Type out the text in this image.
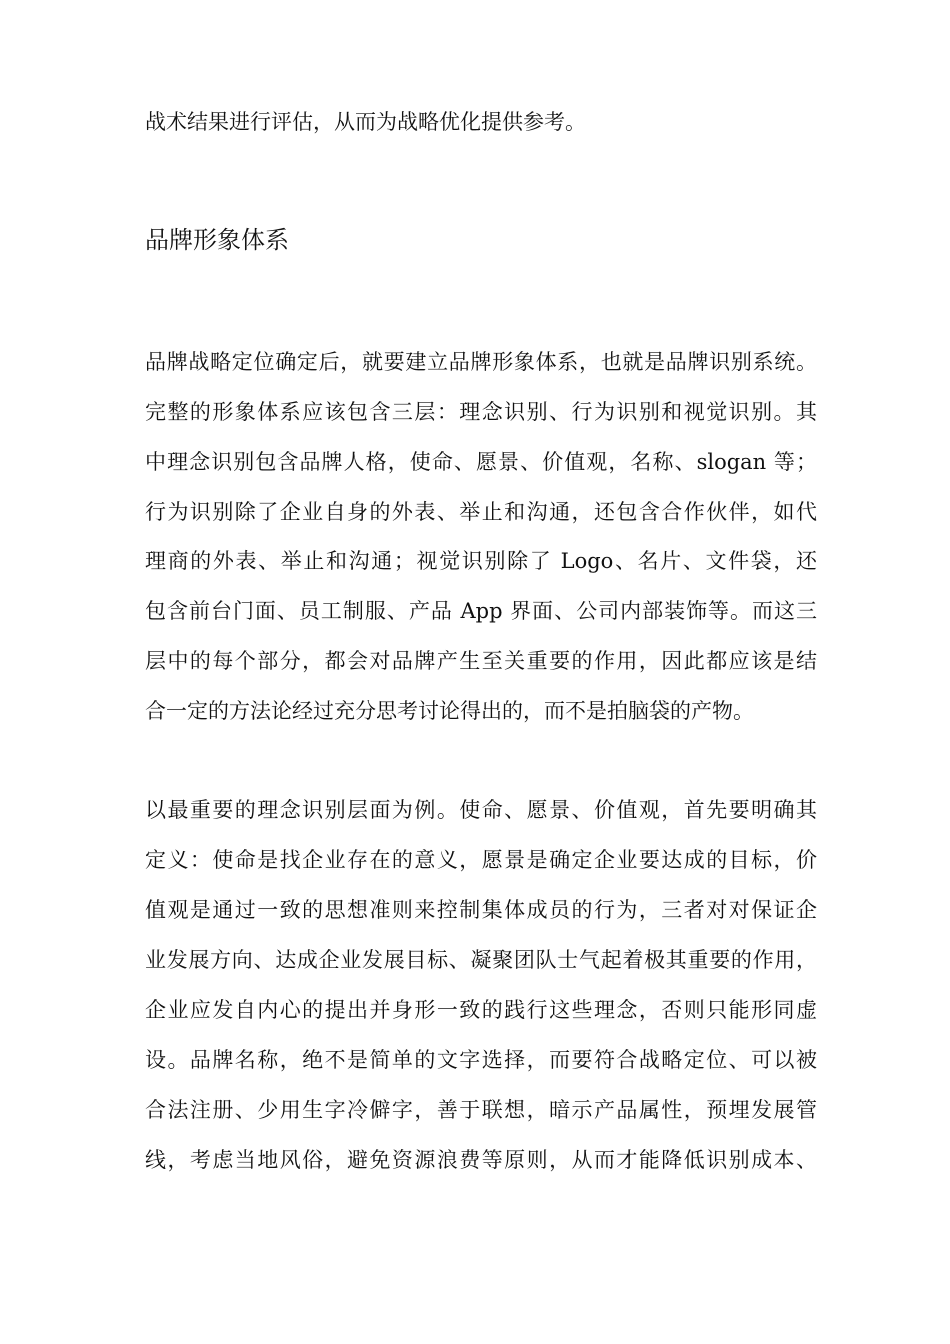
战术结果进行评估，从而为战略优化提供参考。
品牌形象体系
品牌战略定位确定后，就要建立品牌形象体系，也就是品牌识别系统。
完整的形象体系应该包含三层：理念识别、行为识别和视觉识别。其
中理念识别包含品牌人格，使命、愿景、价值观，名称、slogan 等；
行为识别除了企业自身的外表、举止和沟通，还包含合作伙伴，如代
理商的外表、举止和沟通；视觉识别除了 Logo、名片、文件袋，还
包含前台门面、员工制服、产品 App 界面、公司内部装饰等。而这三
层中的每个部分，都会对品牌产生至关重要的作用，因此都应该是结
合一定的方法论经过充分思考讨论得出的，而不是拍脑袋的产物。
以最重要的理念识别层面为例。使命、愿景、价值观，首先要明确其
定义：使命是找企业存在的意义，愿景是确定企业要达成的目标，价
值观是通过一致的思想准则来控制集体成员的行为，三者对对保证企
业发展方向、达成企业发展目标、凝聚团队士气起着极其重要的作用，
企业应发自内心的提出并身形一致的践行这些理念，否则只能形同虚
设。品牌名称，绝不是简单的文字选择，而要符合战略定位、可以被
合法注册、少用生字冷僻字，善于联想，暗示产品属性，预埋发展管
线，考虑当地风俗，避免资源浪费等原则，从而才能降低识别成本、
